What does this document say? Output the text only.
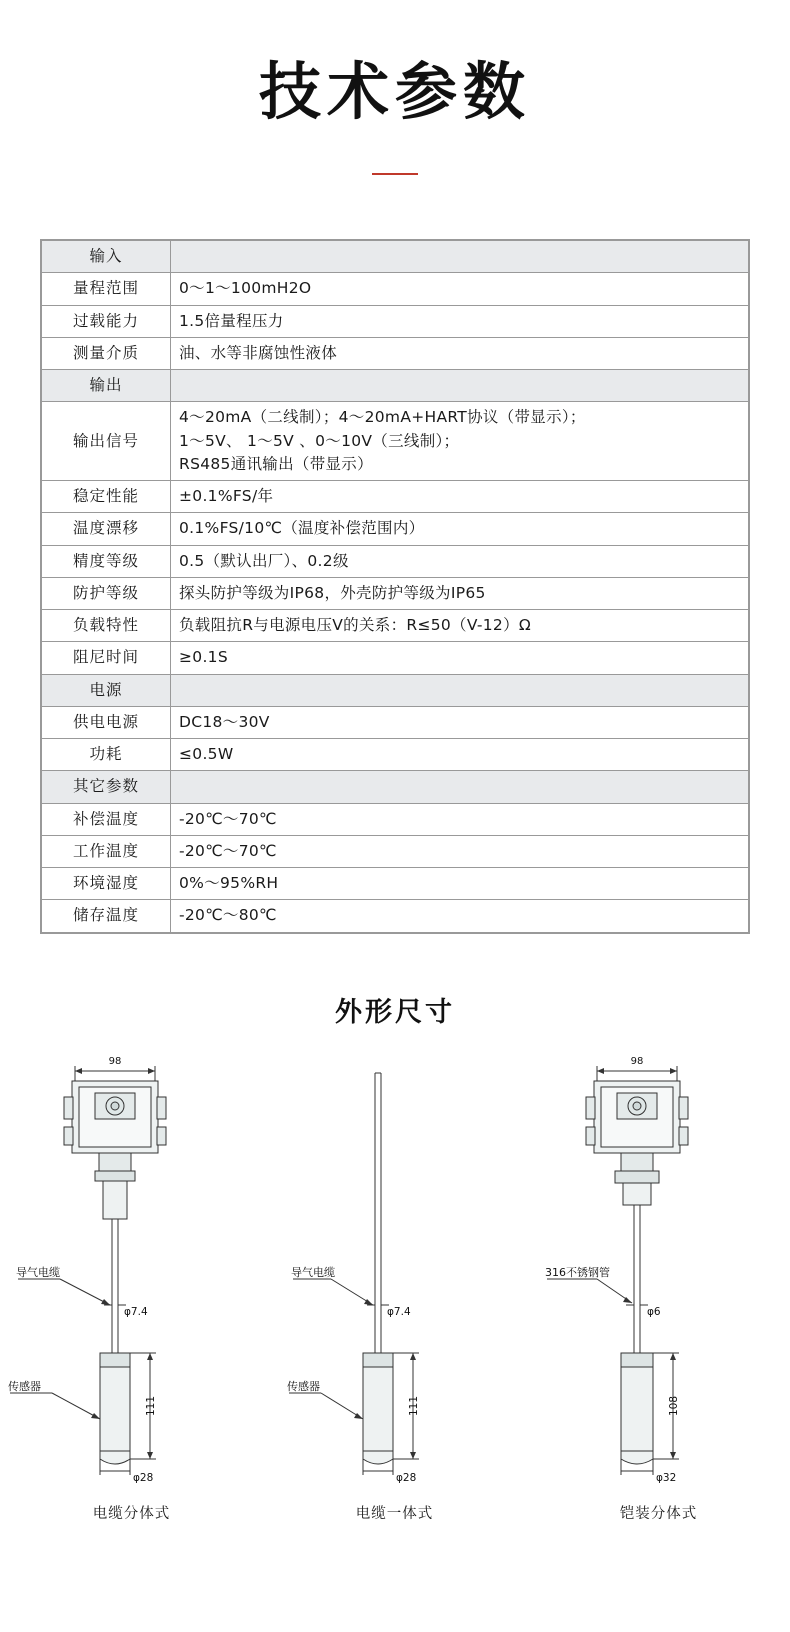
技术参数
输入	
量程范围	0～1～100mH2O
过载能力	1.5倍量程压力
测量介质	油、水等非腐蚀性液体
输出	
输出信号	4～20mA（二线制）；4～20mA+HART协议（带显示）；
1～5V、 1～5V 、0～10V（三线制）；
RS485通讯输出（带显示）

稳定性能	±0.1%FS/年
温度漂移	0.1%FS/10℃（温度补偿范围内）
精度等级	0.5（默认出厂）、0.2级
防护等级	探头防护等级为IP68，外壳防护等级为IP65
负载特性	负载阻抗R与电源电压V的关系：R≤50（V-12）Ω
阻尼时间	≥0.1S
电源	
供电电源	DC18～30V
功耗	≤0.5W
其它参数	
补偿温度	-20℃～70℃
工作温度	-20℃～70℃
环境湿度	0%～95%RH
储存温度	-20℃～80℃
外形尺寸
98
导气电缆
传感器
φ7.4
111
φ28
电缆分体式
导气电缆
传感器
φ7.4
111
φ28
电缆一体式
98
316不锈钢管
φ6
108
φ32
铠装分体式
